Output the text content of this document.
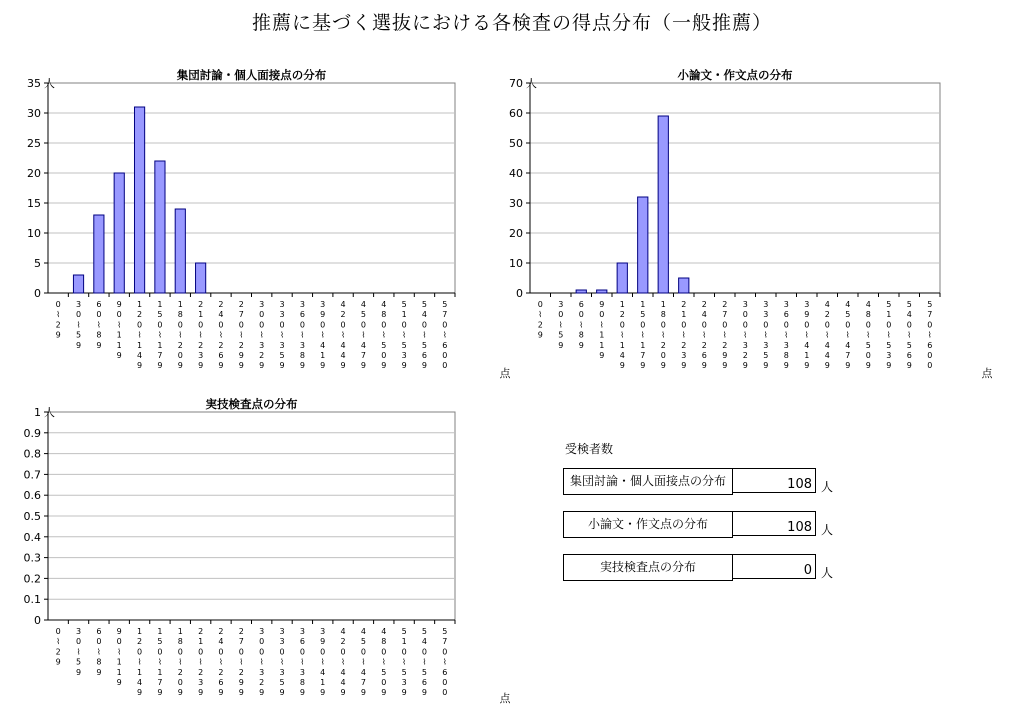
推薦に基づく選抜における各検査の得点分布（一般推薦）
集団討論・個人面接点の分布
0
5
10
15
20
25
30
35 人
0 ⌇ 2 9
3 0 ⌇ 5 9
6 0 ⌇ 8 9
9 0 ⌇ 1 1 9
1 2 0 ⌇ 1 4 9
1 5 0 ⌇ 1 7 9
1 8 0 ⌇ 2 0 9
2 1 0 ⌇ 2 3 9
2 4 0 ⌇ 2 6 9
2 7 0 ⌇ 2 9 9
3 0 0 ⌇ 3 2 9
3 3 0 ⌇ 3 5 9
3 6 0 ⌇ 3 8 9
3 9 0 ⌇ 4 1 9
4 2 0 ⌇ 4 4 9
4 5 0 ⌇ 4 7 9
4 8 0 ⌇ 5 0 9
5 1 0 ⌇ 5 3 9
5 4 0 ⌇ 5 6 9
5 7 0 ⌇ 6 0 0
点
小論文・作文点の分布
0
10
20
30
40
50
60
70 人
0 ⌇ 2 9
3 0 ⌇ 5 9
6 0 ⌇ 8 9
9 0 ⌇ 1 1 9
1 2 0 ⌇ 1 4 9
1 5 0 ⌇ 1 7 9
1 8 0 ⌇ 2 0 9
2 1 0 ⌇ 2 3 9
2 4 0 ⌇ 2 6 9
2 7 0 ⌇ 2 9 9
3 0 0 ⌇ 3 2 9
3 3 0 ⌇ 3 5 9
3 6 0 ⌇ 3 8 9
3 9 0 ⌇ 4 1 9
4 2 0 ⌇ 4 4 9
4 5 0 ⌇ 4 7 9
4 8 0 ⌇ 5 0 9
5 1 0 ⌇ 5 3 9
5 4 0 ⌇ 5 6 9
5 7 0 ⌇ 6 0 0
点
実技検査点の分布
0
0.1
0.2
0.3
0.4
0.5
0.6
0.7
0.8
0.9
1 人
0 ⌇ 2 9
3 0 ⌇ 5 9
6 0 ⌇ 8 9
9 0 ⌇ 1 1 9
1 2 0 ⌇ 1 4 9
1 5 0 ⌇ 1 7 9
1 8 0 ⌇ 2 0 9
2 1 0 ⌇ 2 3 9
2 4 0 ⌇ 2 6 9
2 7 0 ⌇ 2 9 9
3 0 0 ⌇ 3 2 9
3 3 0 ⌇ 3 5 9
3 6 0 ⌇ 3 8 9
3 9 0 ⌇ 4 1 9
4 2 0 ⌇ 4 4 9
4 5 0 ⌇ 4 7 9
4 8 0 ⌇ 5 0 9
5 1 0 ⌇ 5 3 9
5 4 0 ⌇ 5 6 9
5 7 0 ⌇ 6 0 0	点
受検者数
集団討論・個人面接点の分布	108 人
小論文・作文点の分布	108 人
実技検査点の分布	0 人
